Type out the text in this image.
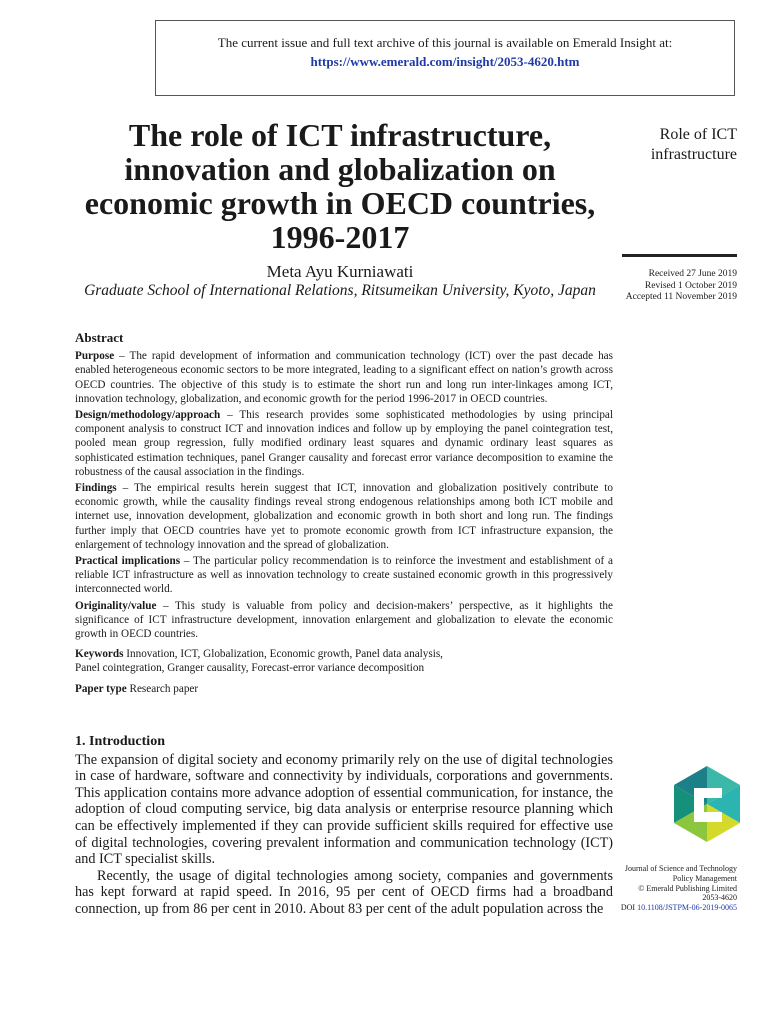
The current issue and full text archive of this journal is available on Emerald Insight at:
https://www.emerald.com/insight/2053-4620.htm
The role of ICT infrastructure, innovation and globalization on economic growth in OECD countries, 1996-2017
Role of ICT infrastructure
Meta Ayu Kurniawati
Graduate School of International Relations, Ritsumeikan University, Kyoto, Japan
Received 27 June 2019
Revised 1 October 2019
Accepted 11 November 2019
Abstract

Purpose – The rapid development of information and communication technology (ICT) over the past decade has enabled heterogeneous economic sectors to be more integrated, leading to a significant effect on nation’s growth across OECD countries. The objective of this study is to estimate the short run and long run inter-linkages among ICT, innovation technology, globalization, and economic growth for the period 1996-2017 in OECD countries.

Design/methodology/approach – This research provides some sophisticated methodologies by using principal component analysis to construct ICT and innovation indices and follow up by employing the panel cointegration test, pooled mean group regression, fully modified ordinary least squares and dynamic ordinary least squares as sophisticated estimation techniques, panel Granger causality and forecast error variance decomposition to examine the robustness of the causal association in the findings.

Findings – The empirical results herein suggest that ICT, innovation and globalization positively contribute to economic growth, while the causality findings reveal strong endogenous relationships among both ICT mobile and internet use, innovation development, globalization and economic growth in both short and long run. The findings further imply that OECD countries have yet to promote economic growth from ICT infrastructure expansion, the enlargement of technology innovation and the spread of globalization.

Practical implications – The particular policy recommendation is to reinforce the investment and establishment of a reliable ICT infrastructure as well as innovation technology to create sustained economic growth in this progressively interconnected world.

Originality/value – This study is valuable from policy and decision-makers’ perspective, as it highlights the significance of ICT infrastructure development, innovation enlargement and globalization to elevate the economic growth in OECD countries.

Keywords Innovation, ICT, Globalization, Economic growth, Panel data analysis,
Panel cointegration, Granger causality, Forecast-error variance decomposition
Paper type Research paper
1. Introduction

The expansion of digital society and economy primarily rely on the use of digital technologies in case of hardware, software and connectivity by individuals, corporations and governments. This application contains more advance adoption of essential communication, for instance, the adoption of cloud computing service, big data analysis or enterprise resource planning which can be effectively implemented if they can provide sufficient skills required for effective use of digital technologies, covering prevalent information and communication technology (ICT) and ICT specialist skills.

Recently, the usage of digital technologies among society, companies and governments has kept forward at rapid speed. In 2016, 95 per cent of OECD firms had a broadband connection, up from 86 per cent in 2010. About 83 per cent of the adult population across the

Journal of Science and Technology
Policy Management
© Emerald Publishing Limited
2053-4620
DOI 10.1108/JSTPM-06-2019-0065
